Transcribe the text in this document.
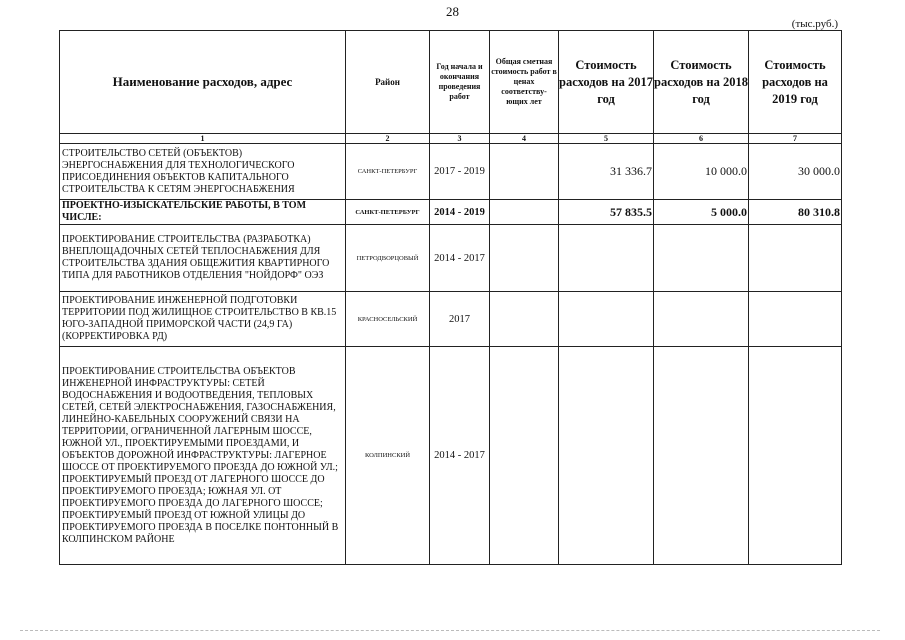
28
(тыс.руб.)
Наименование расходов, адрес	Район	Год начала и окончания проведения работ	Общая сметная стоимость работ в ценах соответству-ющих лет	Стоимость расходов на 2017 год	Стоимость расходов на 2018 год	Стоимость расходов на 2019 год
1	2	3	4	5	6	7
СТРОИТЕЛЬСТВО СЕТЕЙ (ОБЪЕКТОВ) ЭНЕРГОСНАБЖЕНИЯ ДЛЯ ТЕХНОЛОГИЧЕСКОГО ПРИСОЕДИНЕНИЯ ОБЪЕКТОВ КАПИТАЛЬНОГО СТРОИТЕЛЬСТВА К СЕТЯМ ЭНЕРГОСНАБЖЕНИЯ	САНКТ-ПЕТЕРБУРГ	2017 - 2019		31 336.7	10 000.0	30 000.0
ПРОЕКТНО-ИЗЫСКАТЕЛЬСКИЕ РАБОТЫ, В ТОМ ЧИСЛЕ:	САНКТ-ПЕТЕРБУРГ	2014 - 2019		57 835.5	5 000.0	80 310.8
ПРОЕКТИРОВАНИЕ СТРОИТЕЛЬСТВА (РАЗРАБОТКА) ВНЕПЛОЩАДОЧНЫХ СЕТЕЙ ТЕПЛОСНАБЖЕНИЯ ДЛЯ СТРОИТЕЛЬСТВА ЗДАНИЯ ОБЩЕЖИТИЯ КВАРТИРНОГО ТИПА ДЛЯ РАБОТНИКОВ ОТДЕЛЕНИЯ "НОЙДОРФ" ОЭЗ	ПЕТРОДВОРЦОВЫЙ	2014 - 2017				
ПРОЕКТИРОВАНИЕ ИНЖЕНЕРНОЙ ПОДГОТОВКИ ТЕРРИТОРИИ ПОД ЖИЛИЩНОЕ СТРОИТЕЛЬСТВО В КВ.15 ЮГО-ЗАПАДНОЙ ПРИМОРСКОЙ ЧАСТИ (24,9 ГА) (КОРРЕКТИРОВКА РД)	КРАСНОСЕЛЬСКИЙ	2017				
ПРОЕКТИРОВАНИЕ СТРОИТЕЛЬСТВА ОБЪЕКТОВ ИНЖЕНЕРНОЙ ИНФРАСТРУКТУРЫ: СЕТЕЙ ВОДОСНАБЖЕНИЯ И ВОДООТВЕДЕНИЯ, ТЕПЛОВЫХ СЕТЕЙ, СЕТЕЙ ЭЛЕКТРОСНАБЖЕНИЯ, ГАЗОСНАБЖЕНИЯ, ЛИНЕЙНО-КАБЕЛЬНЫХ СООРУЖЕНИЙ СВЯЗИ НА ТЕРРИТОРИИ, ОГРАНИЧЕННОЙ ЛАГЕРНЫМ ШОССЕ, ЮЖНОЙ УЛ., ПРОЕКТИРУЕМЫМИ ПРОЕЗДАМИ, И ОБЪЕКТОВ ДОРОЖНОЙ ИНФРАСТРУКТУРЫ: ЛАГЕРНОЕ ШОССЕ ОТ ПРОЕКТИРУЕМОГО ПРОЕЗДА ДО ЮЖНОЙ УЛ.; ПРОЕКТИРУЕМЫЙ ПРОЕЗД ОТ ЛАГЕРНОГО ШОССЕ ДО ПРОЕКТИРУЕМОГО ПРОЕЗДА; ЮЖНАЯ УЛ. ОТ ПРОЕКТИРУЕМОГО ПРОЕЗДА ДО ЛАГЕРНОГО ШОССЕ; ПРОЕКТИРУЕМЫЙ ПРОЕЗД ОТ ЮЖНОЙ УЛИЦЫ ДО ПРОЕКТИРУЕМОГО ПРОЕЗДА В ПОСЕЛКЕ ПОНТОННЫЙ В КОЛПИНСКОМ РАЙОНЕ	КОЛПИНСКИЙ	2014 - 2017				
